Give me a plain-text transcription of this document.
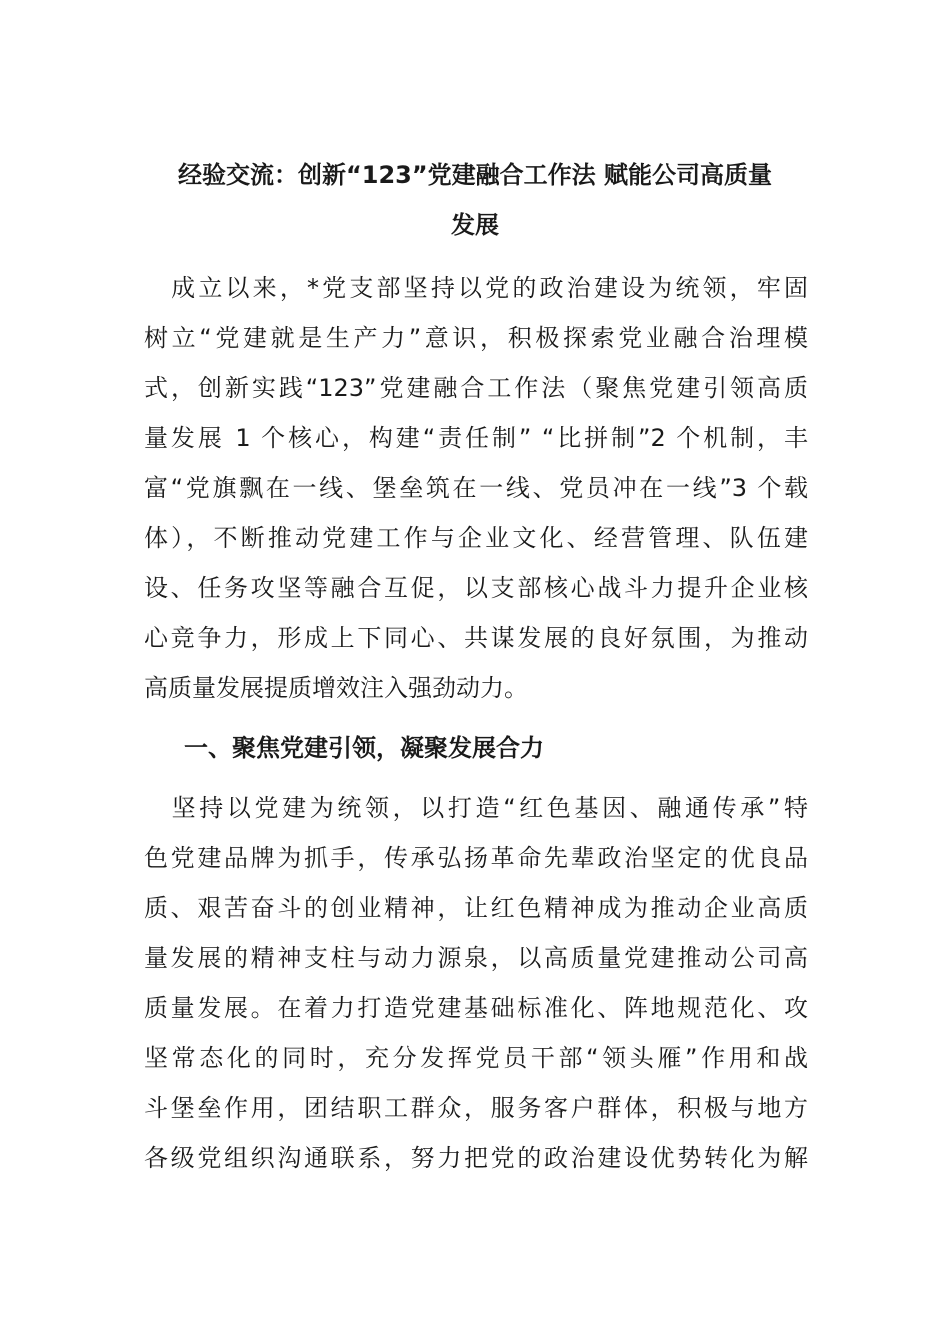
经验交流：创新“123”党建融合工作法 赋能公司高质量
发展

　成立以来，*党支部坚持以党的政治建设为统领，牢固
树立“党建就是生产力”意识，积极探索党业融合治理模
式，创新实践“123”党建融合工作法（聚焦党建引领高质
量发展 1 个核心，构建“责任制” “比拼制”2 个机制，丰
富“党旗飘在一线、堡垒筑在一线、党员冲在一线”3 个载
体），不断推动党建工作与企业文化、经营管理、队伍建
设、任务攻坚等融合互促，以支部核心战斗力提升企业核
心竞争力，形成上下同心、共谋发展的良好氛围，为推动
高质量发展提质增效注入强劲动力。

一、聚焦党建引领，凝聚发展合力

　坚持以党建为统领，以打造“红色基因、融通传承”特
色党建品牌为抓手，传承弘扬革命先辈政治坚定的优良品
质、艰苦奋斗的创业精神，让红色精神成为推动企业高质
量发展的精神支柱与动力源泉，以高质量党建推动公司高
质量发展。在着力打造党建基础标准化、阵地规范化、攻
坚常态化的同时，充分发挥党员干部“领头雁”作用和战
斗堡垒作用，团结职工群众，服务客户群体，积极与地方
各级党组织沟通联系，努力把党的政治建设优势转化为解
